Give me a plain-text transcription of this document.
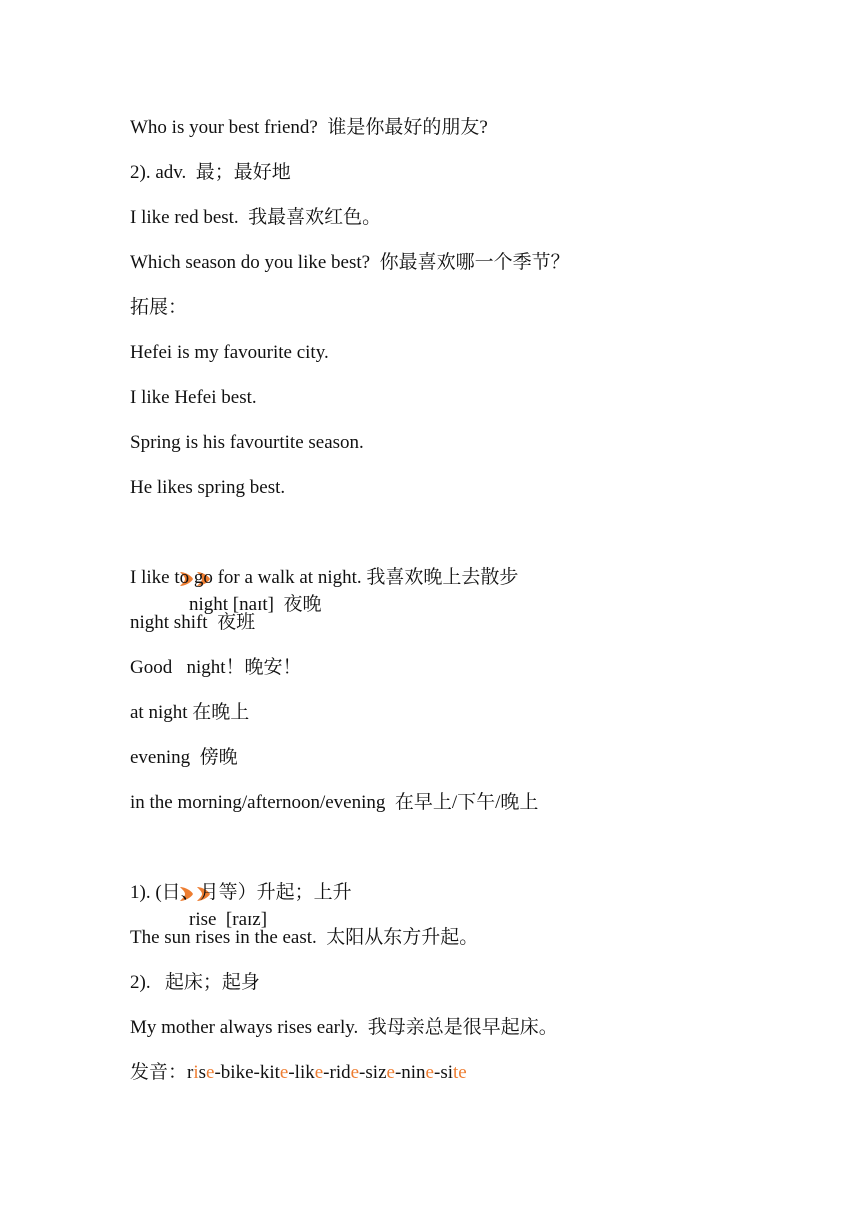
Who is your best friend?  谁是你最好的朋友?
2). adv.  最；最好地
I like red best.  我最喜欢红色。
Which season do you like best?  你最喜欢哪一个季节？
拓展：
Hefei is my favourite city.
I like Hefei best.
Spring is his favourtite season.
He likes spring best.

night [naɪt]  夜晚

I like to go for a walk at night. 我喜欢晚上去散步
night shift  夜班
Good   night！晚安！
at night 在晚上
evening  傍晚
in the morning/afternoon/evening  在早上/下午/晚上

rise  [raɪz]

1). (日、月等）升起；上升
The sun rises in the east.  太阳从东方升起。
2).   起床；起身
My mother always rises early.  我母亲总是很早起床。
发音：rise-bike-kite-like-ride-size-nine-site
